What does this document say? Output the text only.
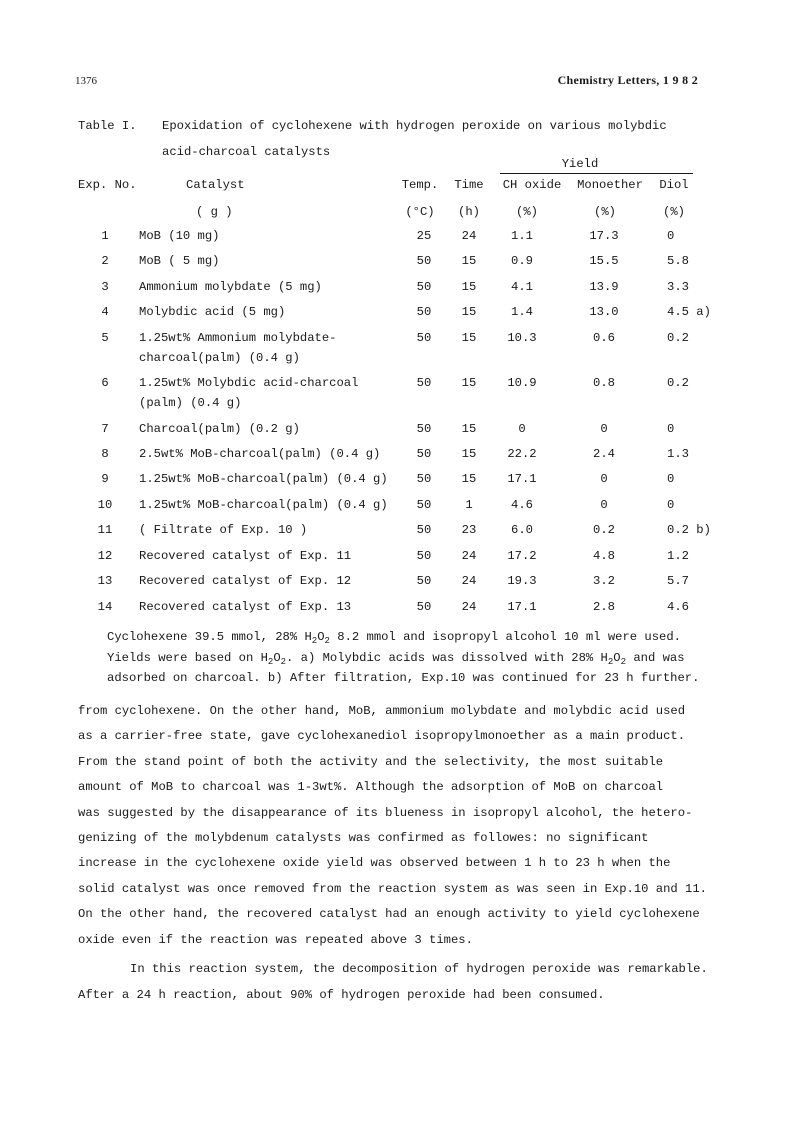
1376	Chemistry Letters, 1 9 8 2
Table I. Epoxidation of cyclohexene with hydrogen peroxide on various molybdic
acid-charcoal catalysts
Yield
Exp. No.	Catalyst	Temp. Time CH oxide Monoether Diol
( g )	(°C) (h)	(%)	(%)	(%)
1 MoB (10 mg)	25 24	1.1	17.3	0
2 MoB ( 5 mg)	50 15	0.9	15.5	5.8
3 Ammonium molybdate (5 mg)	50 15	4.1	13.9	3.3
4 Molybdic acid (5 mg)	50 15	1.4	13.0	4.5 a)
5 1.25wt% Ammonium molybdate-	50 15	10.3	0.6	0.2
charcoal(palm) (0.4 g)
6 1.25wt% Molybdic acid-charcoal	50 15	10.9	0.8	0.2
(palm) (0.4 g)
7 Charcoal(palm) (0.2 g)	50 15	0	0	0
8 2.5wt% MoB-charcoal(palm) (0.4 g)	50 15	22.2	2.4	1.3
9 1.25wt% MoB-charcoal(palm) (0.4 g) 50 15	17.1	0	0
10 1.25wt% MoB-charcoal(palm) (0.4 g) 50	1	4.6	0	0
11 ( Filtrate of Exp. 10 )	50 23	6.0	0.2	0.2 b)
12 Recovered catalyst of Exp. 11	50 24	17.2	4.8	1.2
13 Recovered catalyst of Exp. 12	50 24	19.3	3.2	5.7
14 Recovered catalyst of Exp. 13	50 24	17.1	2.8	4.6
Cyclohexene 39.5 mmol, 28% $H_2O_2$ 8.2 mmol and isopropyl alcohol 10 ml were used.
Yields were based on $H_2O_2$. a) Molybdic acids was dissolved with 28% $H_2O_2$ and was
adsorbed on charcoal. b) After filtration, Exp.10 was continued for 23 h further.
from cyclohexene. On the other hand, MoB, ammonium molybdate and molybdic acid used
as a carrier-free state, gave cyclohexanediol isopropylmonoether as a main product.
From the stand point of both the activity and the selectivity, the most suitable
amount of MoB to charcoal was 1-3wt%. Although the adsorption of MoB on charcoal
was suggested by the disappearance of its blueness in isopropyl alcohol, the hetero-
genizing of the molybdenum catalysts was confirmed as followes: no significant
increase in the cyclohexene oxide yield was observed between 1 h to 23 h when the
solid catalyst was once removed from the reaction system as was seen in Exp.10 and 11.
On the other hand, the recovered catalyst had an enough activity to yield cyclohexene
oxide even if the reaction was repeated above 3 times.
In this reaction system, the decomposition of hydrogen peroxide was remarkable.
After a 24 h reaction, about 90% of hydrogen peroxide had been consumed.
